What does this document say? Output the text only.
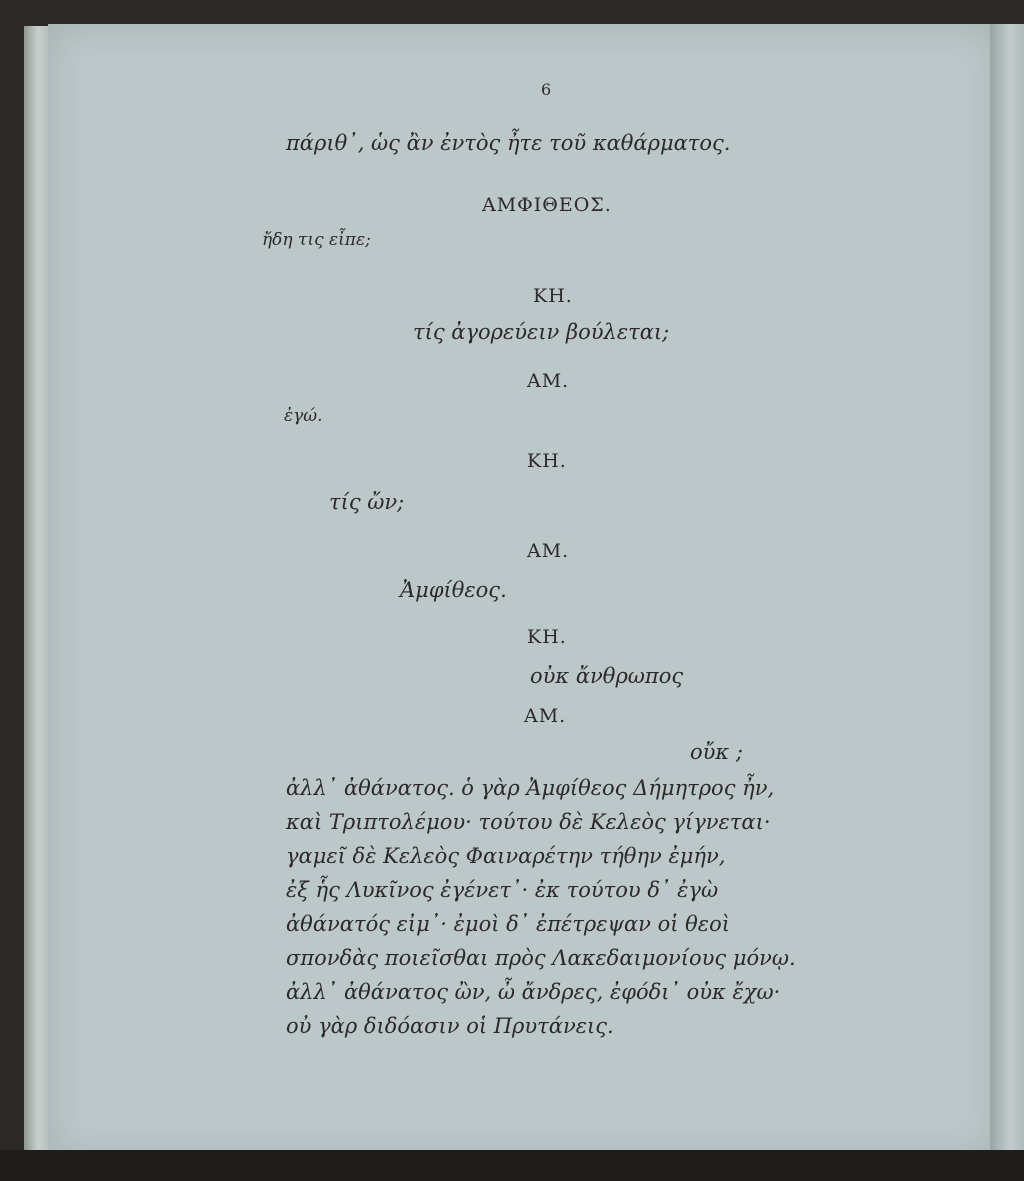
6
πάριθ᾽, ὡς ἂν ἐντὸς ἦτε τοῦ καθάρματος.
ΑΜΦΙΘΕΟΣ.
ἤδη τις εἶπε;
ΚΗ.
τίς ἀγορεύειν βούλεται;
ΑΜ.
ἐγώ.
ΚΗ.
τίς ὤν;
ΑΜ.
Ἀμφίθεος.
ΚΗ.
οὐκ ἄνθρωπος
ΑΜ.
οὔκ ;
ἀλλ᾽ ἀθάνατος. ὁ γὰρ Ἀμφίθεος Δήμητρος ἦν,
καὶ Τριπτολέμου· τούτου δὲ Κελεὸς γίγνεται·
γαμεῖ δὲ Κελεὸς Φαιναρέτην τήθην ἐμήν,
ἐξ ἧς Λυκῖνος ἐγένετ᾽· ἐκ τούτου δ᾽ ἐγὼ
ἀθάνατός εἰμ᾽· ἐμοὶ δ᾽ ἐπέτρεψαν οἱ θεοὶ
σπονδὰς ποιεῖσθαι πρὸς Λακεδαιμονίους μόνῳ.
ἀλλ᾽ ἀθάνατος ὢν, ὦ ἄνδρες, ἐφόδι᾽ οὐκ ἔχω·
οὐ γὰρ διδόασιν οἱ Πρυτάνεις.
